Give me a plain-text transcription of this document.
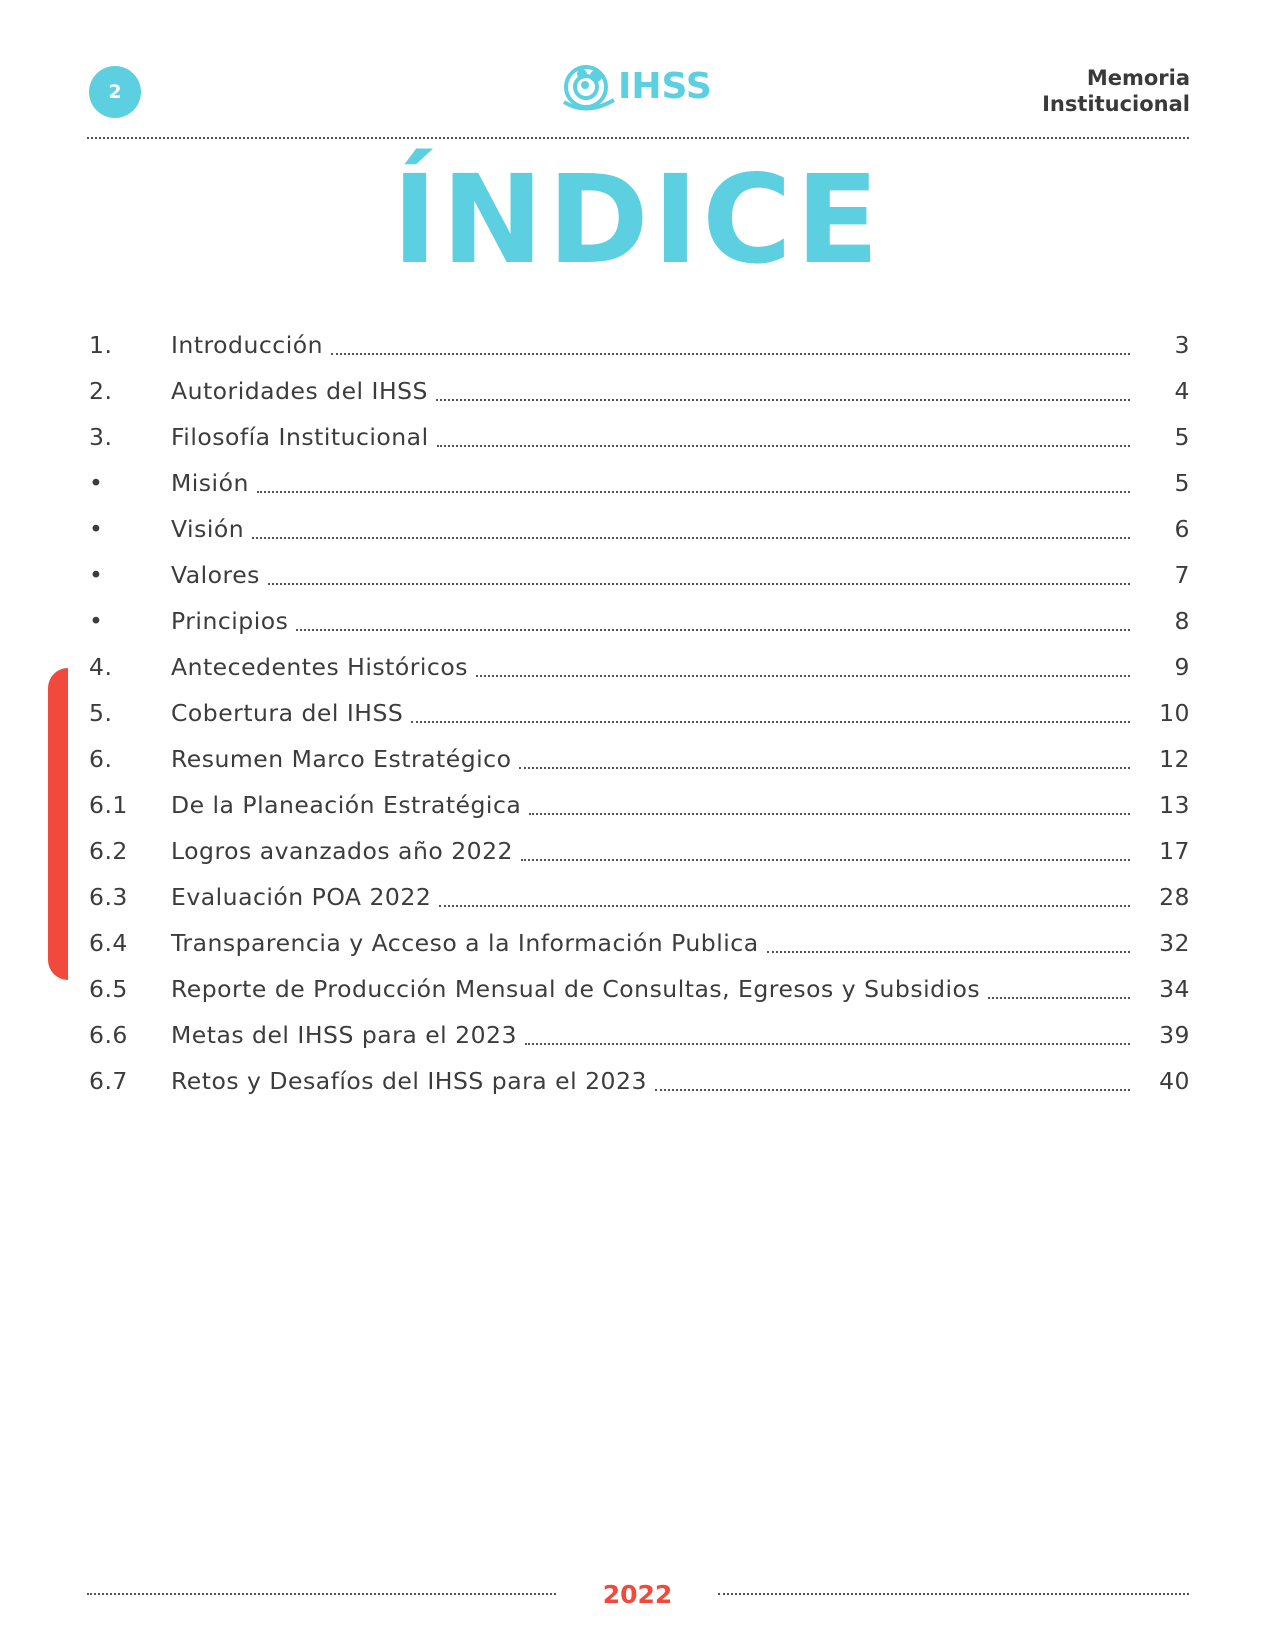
2	IHSS	Memoria
Institucional
ÍNDICE
1.	Introducción	3
2.	Autoridades del IHSS	4
3.	Filosofía Institucional	5
•	Misión	5
•	Visión	6
•	Valores	7
•	Principios	8
4.	Antecedentes Históricos	9
5.	Cobertura del IHSS	10
6.	Resumen Marco Estratégico	12
6.1	De la Planeación Estratégica	13
6.2	Logros avanzados año 2022	17
6.3	Evaluación POA 2022	28
6.4	Transparencia y Acceso a la Información Publica	32
6.5	Reporte de Producción Mensual de Consultas, Egresos y Subsidios	34
6.6	Metas del IHSS para el 2023	39
6.7	Retos y Desafíos del IHSS para el 2023	40
2022
